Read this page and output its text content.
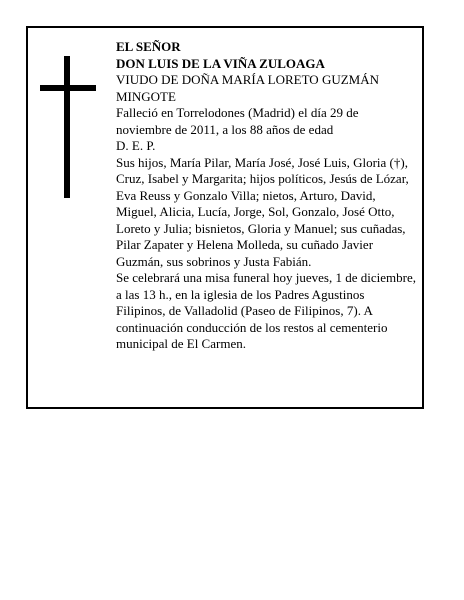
EL SEÑOR

DON LUIS DE LA VIÑA ZULOAGA

VIUDO DE DOÑA MARÍA LORETO GUZMÁN MINGOTE

Falleció en Torrelodones (Madrid) el día 29 de noviembre de 2011, a los 88 años de edad

D. E. P.

Sus hijos, María Pilar, María José, José Luis, Gloria (†), Cruz, Isabel y Margarita; hijos políticos, Jesús de Lózar, Eva Reuss y Gonzalo Villa; nietos, Arturo, David, Miguel, Alicia, Lucía, Jorge, Sol, Gonzalo, José Otto, Loreto y Julia; bisnietos, Gloria y Manuel; sus cuñadas, Pilar Zapater y Helena Molleda, su cuñado Javier Guzmán, sus sobrinos y Justa Fabián.

Se celebrará una misa funeral hoy jueves, 1 de diciembre, a las 13 h., en la iglesia de los Padres Agustinos Filipinos, de Valladolid (Paseo de Filipinos, 7). A continuación conducción de los restos al cementerio municipal de El Carmen.
